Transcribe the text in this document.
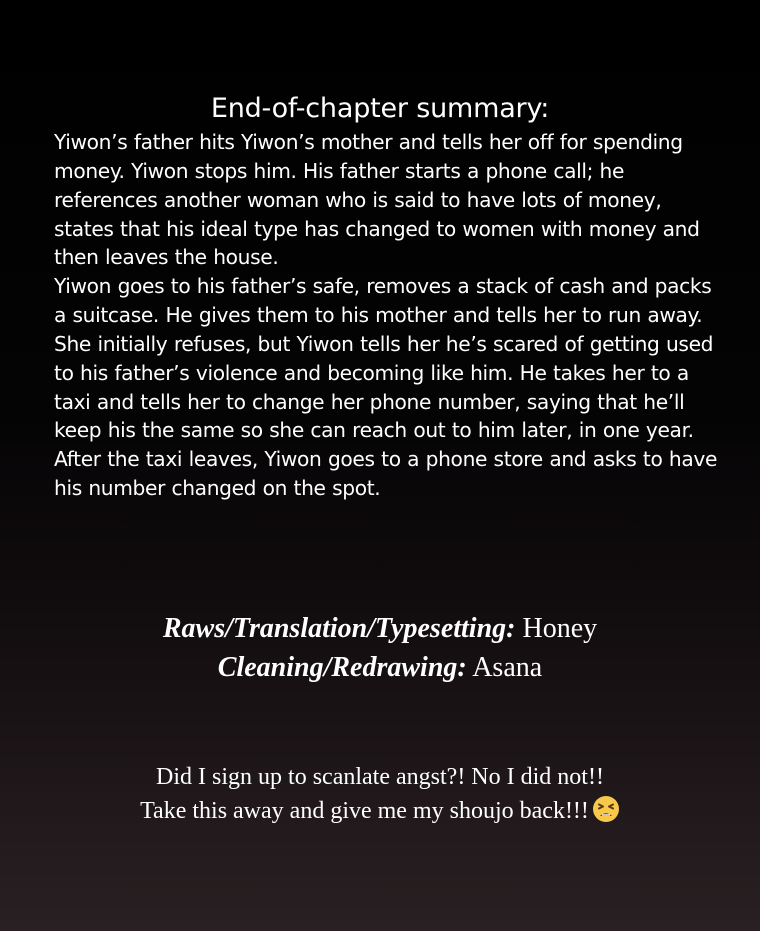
End-of-chapter summary:

Yiwon’s father hits Yiwon’s mother and tells her off for spending money. Yiwon stops him. His father starts a phone call; he references another woman who is said to have lots of money, states that his ideal type has changed to women with money and then leaves the house.

Yiwon goes to his father’s safe, removes a stack of cash and packs a suitcase. He gives them to his mother and tells her to run away. She initially refuses, but Yiwon tells her he’s scared of getting used to his father’s violence and becoming like him. He takes her to a taxi and tells her to change her phone number, saying that he’ll keep his the same so she can reach out to him later, in one year.

After the taxi leaves, Yiwon goes to a phone store and asks to have his number changed on the spot.

Raws/Translation/Typesetting: Honey
Cleaning/Redrawing: Asana
Did I sign up to scanlate angst?! No I did not!!
Take this away and give me my shoujo back!!!
